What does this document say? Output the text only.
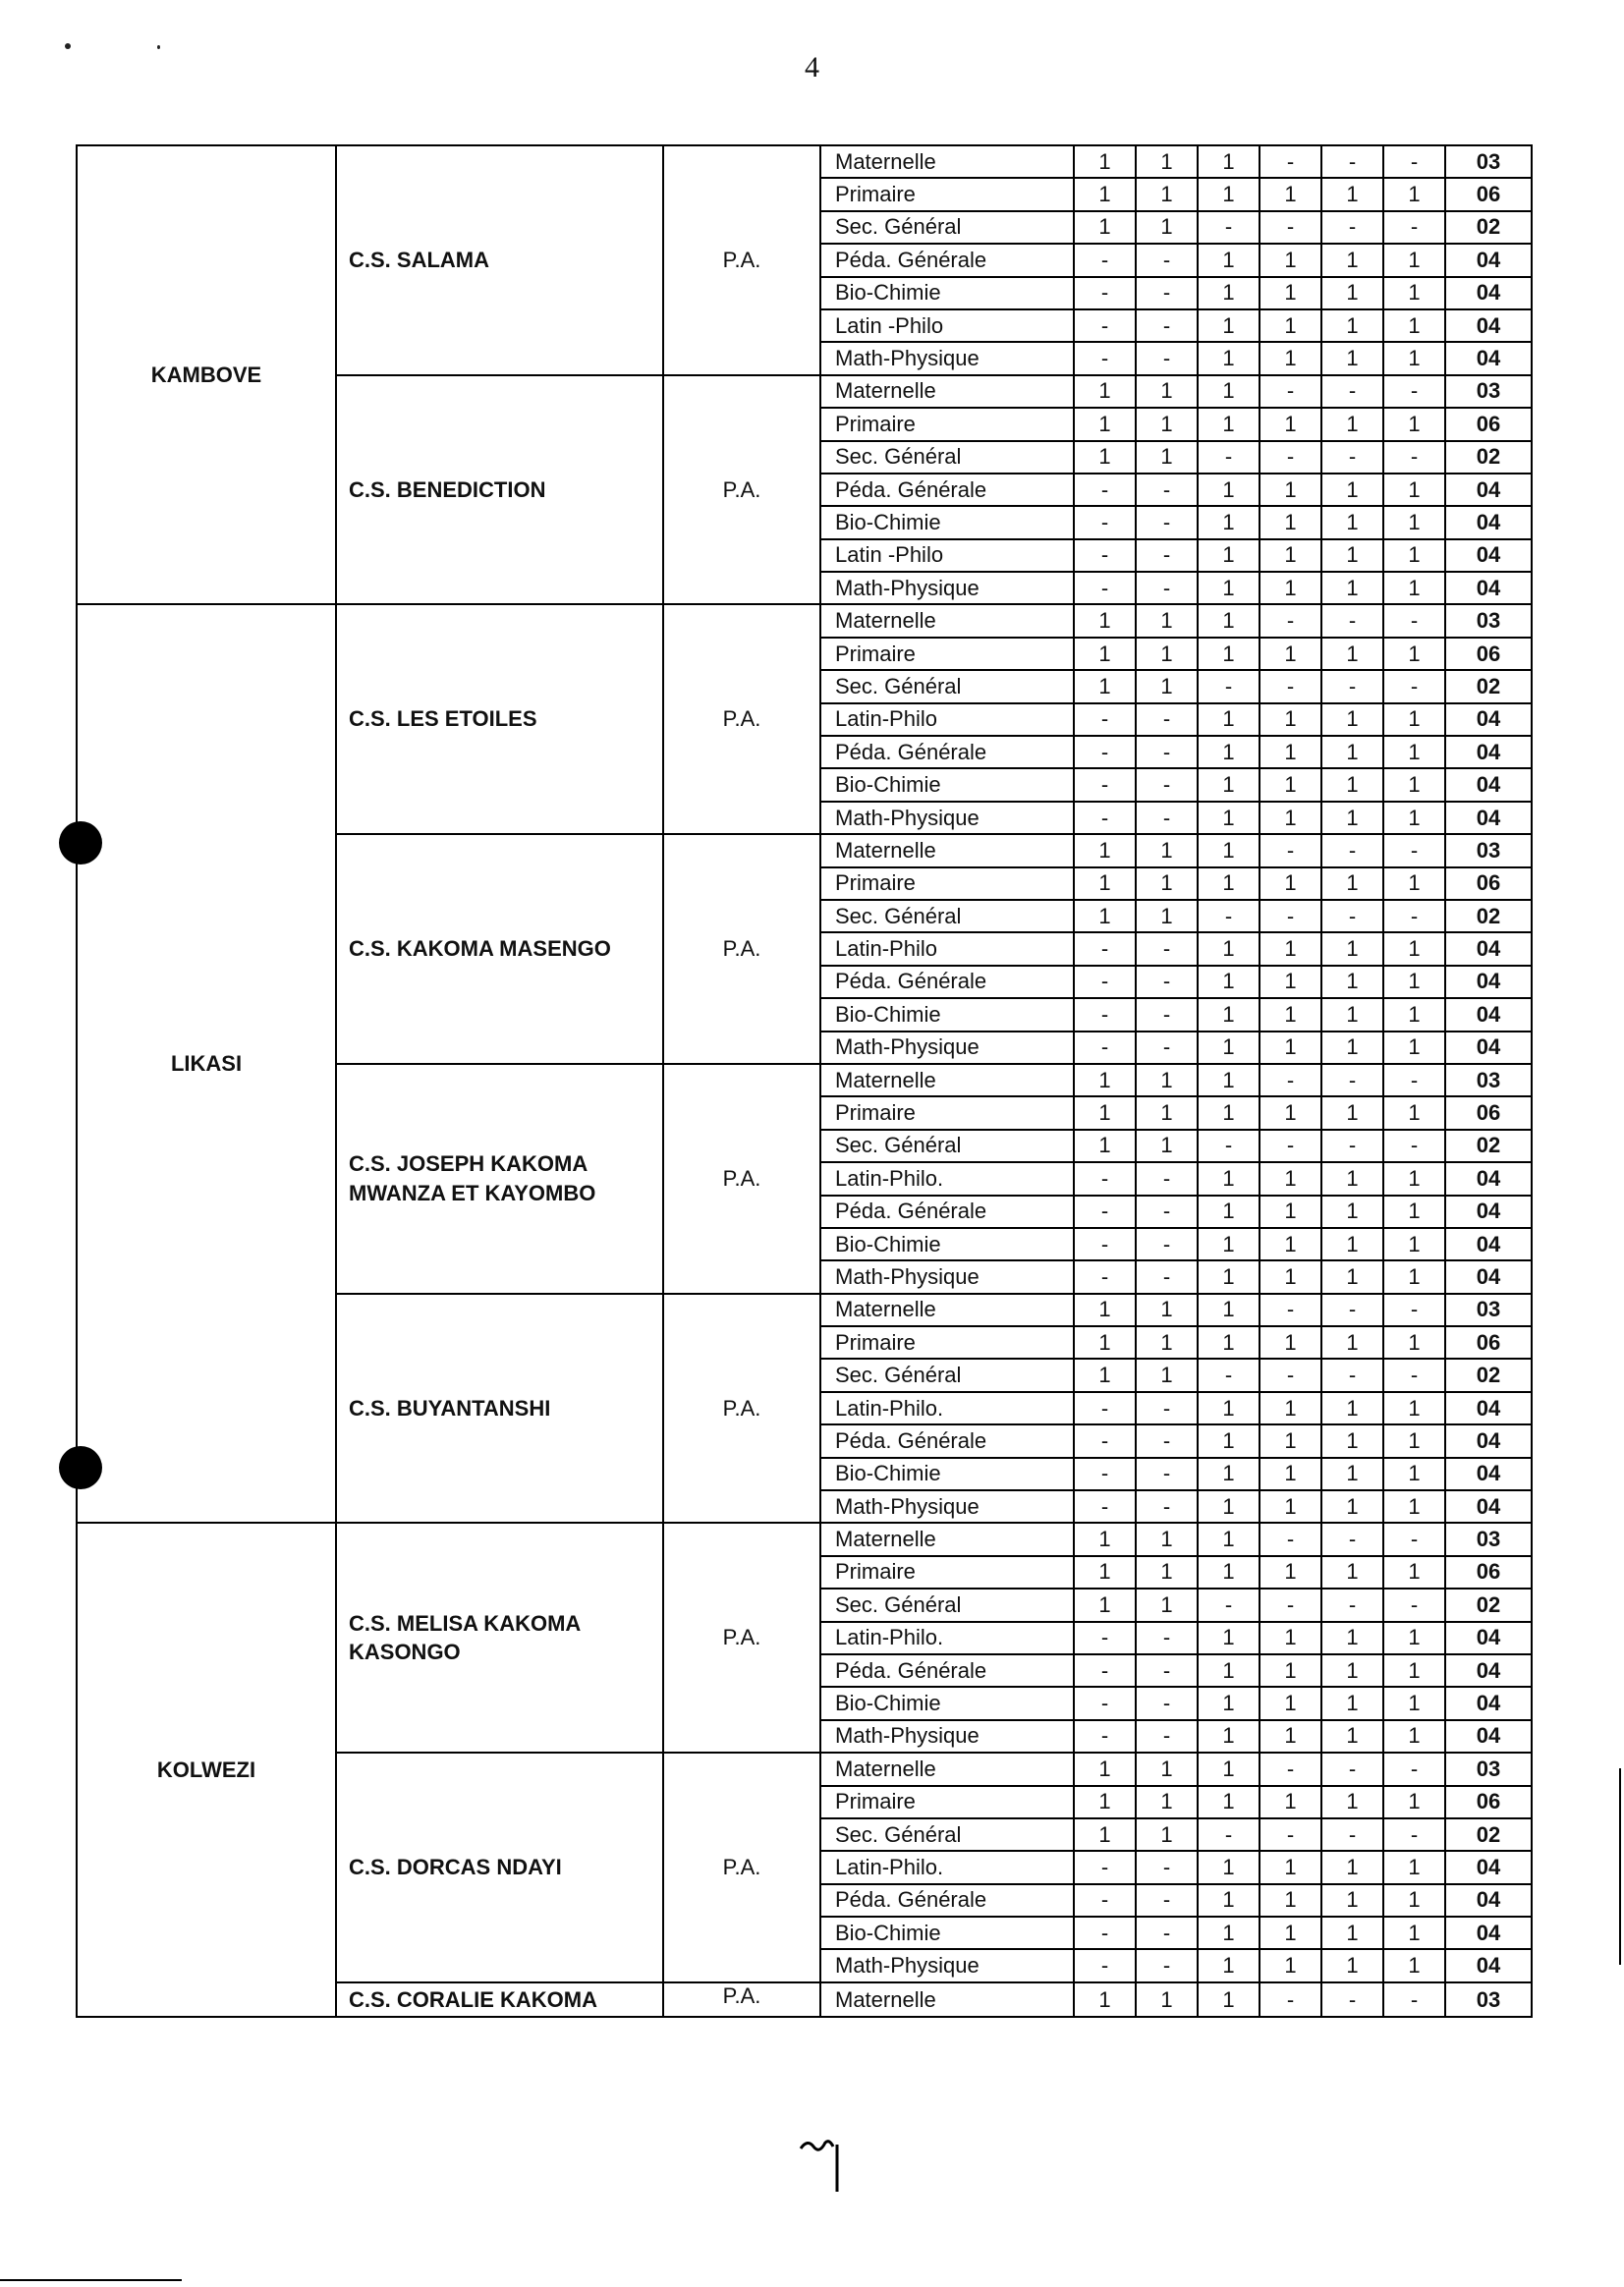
4
KAMBOVE	C.S. SALAMA	P.A.	Maternelle	1	1	1	-	-	-	03
			Primaire	1	1	1	1	1	1	06
			Sec. Général	1	1	-	-	-	-	02
			Péda. Générale	-	-	1	1	1	1	04
			Bio-Chimie	-	-	1	1	1	1	04
			Latin -Philo	-	-	1	1	1	1	04
			Math-Physique	-	-	1	1	1	1	04

	C.S. BENEDICTION	P.A.	Maternelle	1	1	1	-	-	-	03
			Primaire	1	1	1	1	1	1	06
			Sec. Général	1	1	-	-	-	-	02
			Péda. Générale	-	-	1	1	1	1	04
			Bio-Chimie	-	-	1	1	1	1	04
			Latin -Philo	-	-	1	1	1	1	04
			Math-Physique	-	-	1	1	1	1	04
LIKASI	C.S. LES ETOILES	P.A.	Maternelle	1	1	1	-	-	-	03
			Primaire	1	1	1	1	1	1	06
			Sec. Général	1	1	-	-	-	-	02
			Latin-Philo	-	-	1	1	1	1	04
			Péda. Générale	-	-	1	1	1	1	04
			Bio-Chimie	-	-	1	1	1	1	04
			Math-Physique	-	-	1	1	1	1	04

	C.S. KAKOMA MASENGO	P.A.	Maternelle	1	1	1	-	-	-	03
			Primaire	1	1	1	1	1	1	06
			Sec. Général	1	1	-	-	-	-	02
			Latin-Philo	-	-	1	1	1	1	04
			Péda. Générale	-	-	1	1	1	1	04
			Bio-Chimie	-	-	1	1	1	1	04
			Math-Physique	-	-	1	1	1	1	04

	C.S. JOSEPH KAKOMA MWANZA ET KAYOMBO	P.A.	Maternelle	1	1	1	-	-	-	03
			Primaire	1	1	1	1	1	1	06
			Sec. Général	1	1	-	-	-	-	02
			Latin-Philo.	-	-	1	1	1	1	04
			Péda. Générale	-	-	1	1	1	1	04
			Bio-Chimie	-	-	1	1	1	1	04
			Math-Physique	-	-	1	1	1	1	04

	C.S. BUYANTANSHI	P.A.	Maternelle	1	1	1	-	-	-	03
			Primaire	1	1	1	1	1	1	06
			Sec. Général	1	1	-	-	-	-	02
			Latin-Philo.	-	-	1	1	1	1	04
			Péda. Générale	-	-	1	1	1	1	04
			Bio-Chimie	-	-	1	1	1	1	04
			Math-Physique	-	-	1	1	1	1	04
KOLWEZI	C.S. MELISA KAKOMA KASONGO	P.A.	Maternelle	1	1	1	-	-	-	03
			Primaire	1	1	1	1	1	1	06
			Sec. Général	1	1	-	-	-	-	02
			Latin-Philo.	-	-	1	1	1	1	04
			Péda. Générale	-	-	1	1	1	1	04
			Bio-Chimie	-	-	1	1	1	1	04
			Math-Physique	-	-	1	1	1	1	04

	C.S. DORCAS NDAYI	P.A.	Maternelle	1	1	1	-	-	-	03
			Primaire	1	1	1	1	1	1	06
			Sec. Général	1	1	-	-	-	-	02
			Latin-Philo.	-	-	1	1	1	1	04
			Péda. Générale	-	-	1	1	1	1	04
			Bio-Chimie	-	-	1	1	1	1	04
			Math-Physique	-	-	1	1	1	1	04

	C.S. CORALIE KAKOMA	P.A.	Maternelle	1	1	1	-	-	-	03
